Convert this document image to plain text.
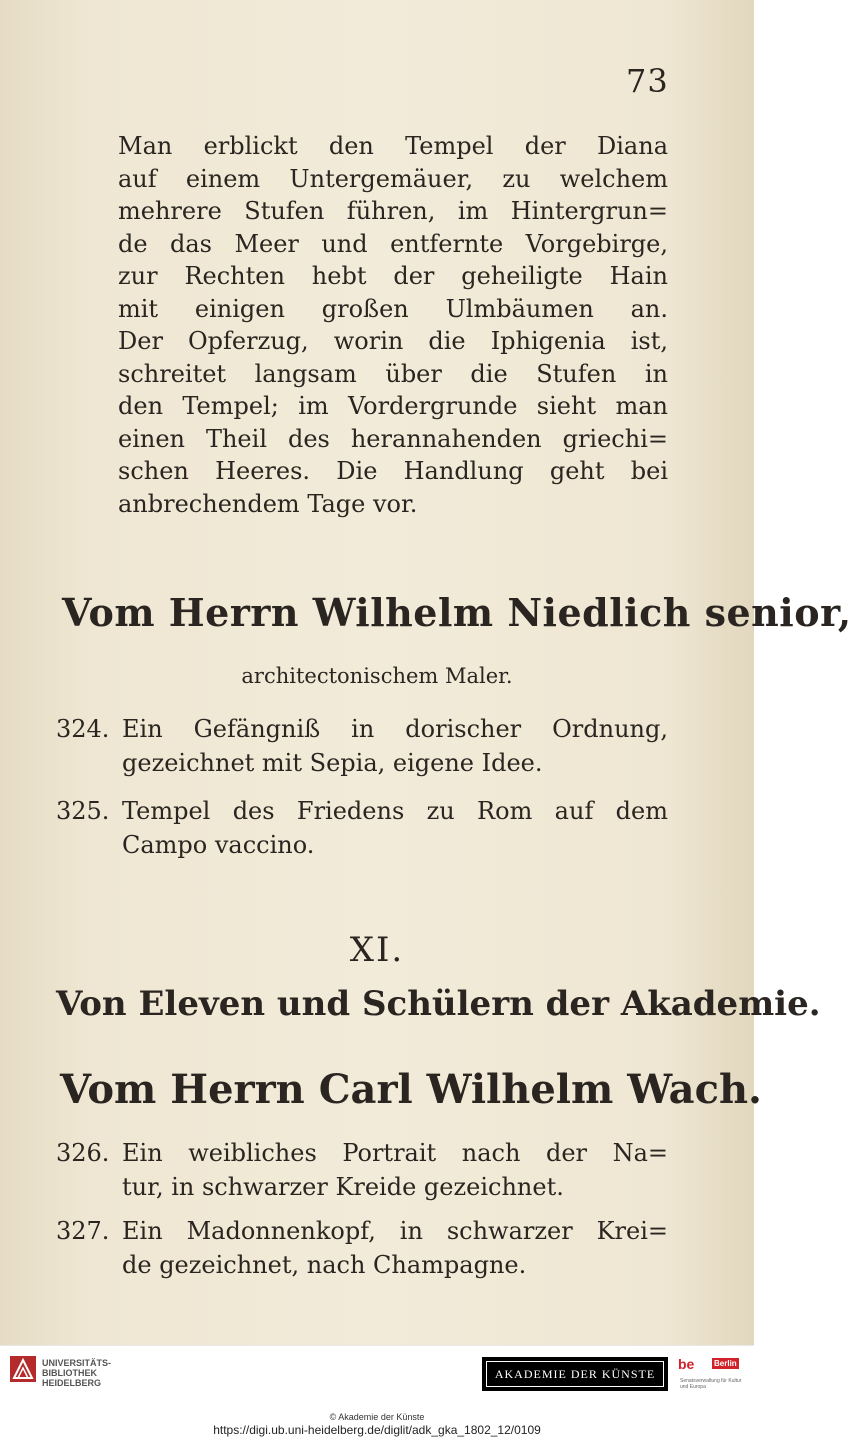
73
Man erblickt den Tempel der Diana
auf einem Untergemäuer, zu welchem
mehrere Stufen führen, im Hintergrun=
de das Meer und entfernte Vorgebirge,
zur Rechten hebt der geheiligte Hain
mit einigen großen Ulmbäumen an.
Der Opferzug, worin die Iphigenia ist,
schreitet langsam über die Stufen in
den Tempel; im Vordergrunde sieht man
einen Theil des herannahenden griechi=
schen Heeres. Die Handlung geht bei
anbrechendem Tage vor.
Vom Herrn Wilhelm Niedlich senior,
architectonischem Maler.
324. Ein Gefängniß in dorischer Ordnung,
gezeichnet mit Sepia, eigene Idee.
325. Tempel des Friedens zu Rom auf dem
Campo vaccino.
XI.
Von Eleven und Schülern der Akademie.
Vom Herrn Carl Wilhelm Wach.
326. Ein weibliches Portrait nach der Na=
tur, in schwarzer Kreide gezeichnet.
327. Ein Madonnenkopf, in schwarzer Krei=
de gezeichnet, nach Champagne.
UNIVERSITÄTS-
BIBLIOTHEK
HEIDELBERG
AKADEMIE DER KÜNSTE
be Berlin
Senatsverwaltung für Kultur und Europa
© Akademie der Künste
https://digi.ub.uni-heidelberg.de/diglit/adk_gka_1802_12/0109
